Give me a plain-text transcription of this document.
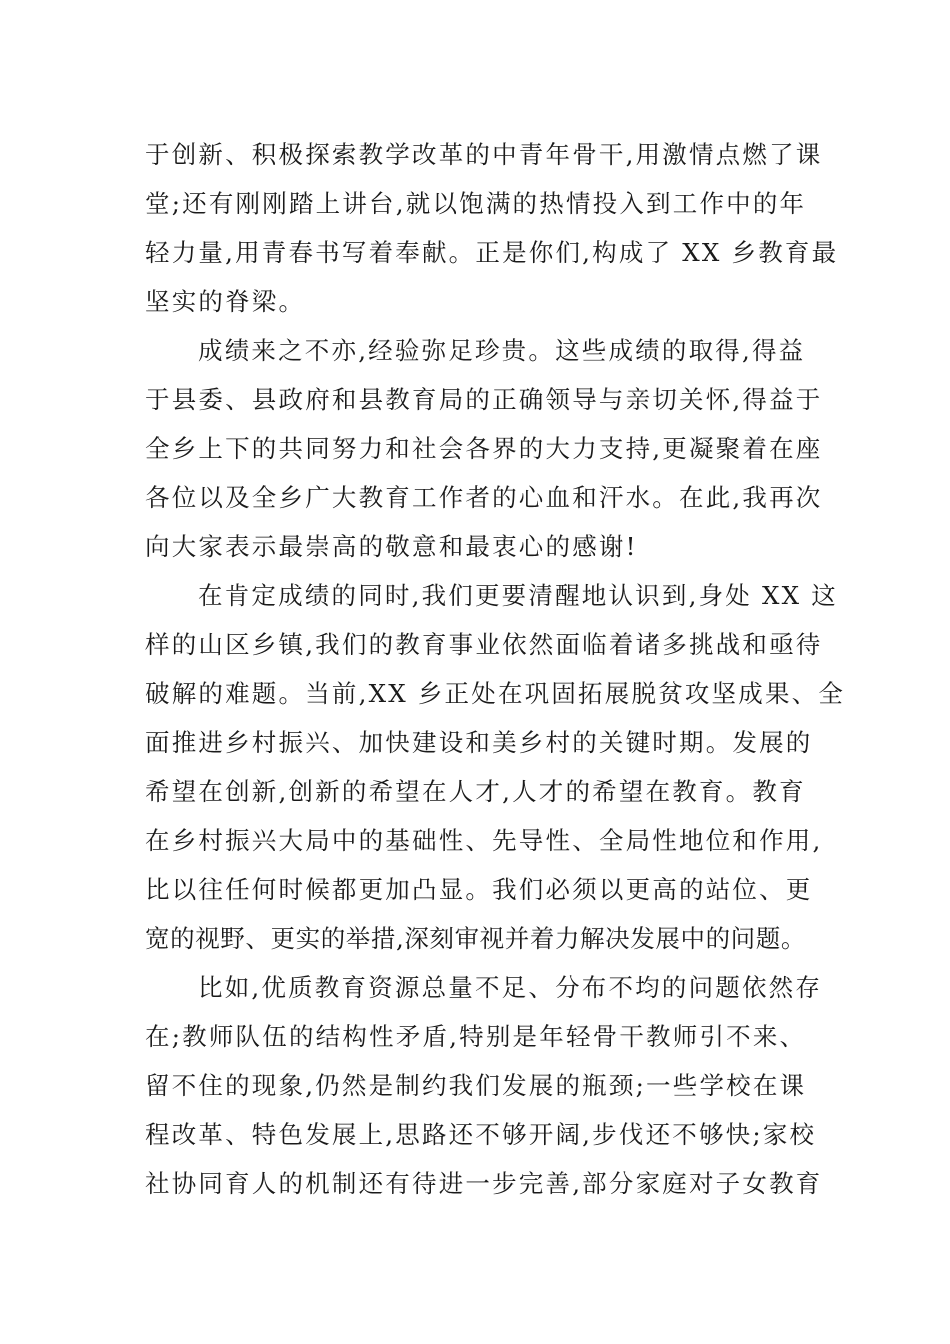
于创新、积极探索教学改革的中青年骨干,用激情点燃了课
堂;还有刚刚踏上讲台,就以饱满的热情投入到工作中的年
轻力量,用青春书写着奉献。正是你们,构成了 XX 乡教育最
坚实的脊梁。
成绩来之不亦,经验弥足珍贵。这些成绩的取得,得益
于县委、县政府和县教育局的正确领导与亲切关怀,得益于
全乡上下的共同努力和社会各界的大力支持,更凝聚着在座
各位以及全乡广大教育工作者的心血和汗水。在此,我再次
向大家表示最崇高的敬意和最衷心的感谢!
在肯定成绩的同时,我们更要清醒地认识到,身处 XX 这
样的山区乡镇,我们的教育事业依然面临着诸多挑战和亟待
破解的难题。当前,XX 乡正处在巩固拓展脱贫攻坚成果、全
面推进乡村振兴、加快建设和美乡村的关键时期。发展的
希望在创新,创新的希望在人才,人才的希望在教育。教育
在乡村振兴大局中的基础性、先导性、全局性地位和作用,
比以往任何时候都更加凸显。我们必须以更高的站位、更
宽的视野、更实的举措,深刻审视并着力解决发展中的问题。
比如,优质教育资源总量不足、分布不均的问题依然存
在;教师队伍的结构性矛盾,特别是年轻骨干教师引不来、
留不住的现象,仍然是制约我们发展的瓶颈;一些学校在课
程改革、特色发展上,思路还不够开阔,步伐还不够快;家校
社协同育人的机制还有待进一步完善,部分家庭对子女教育
